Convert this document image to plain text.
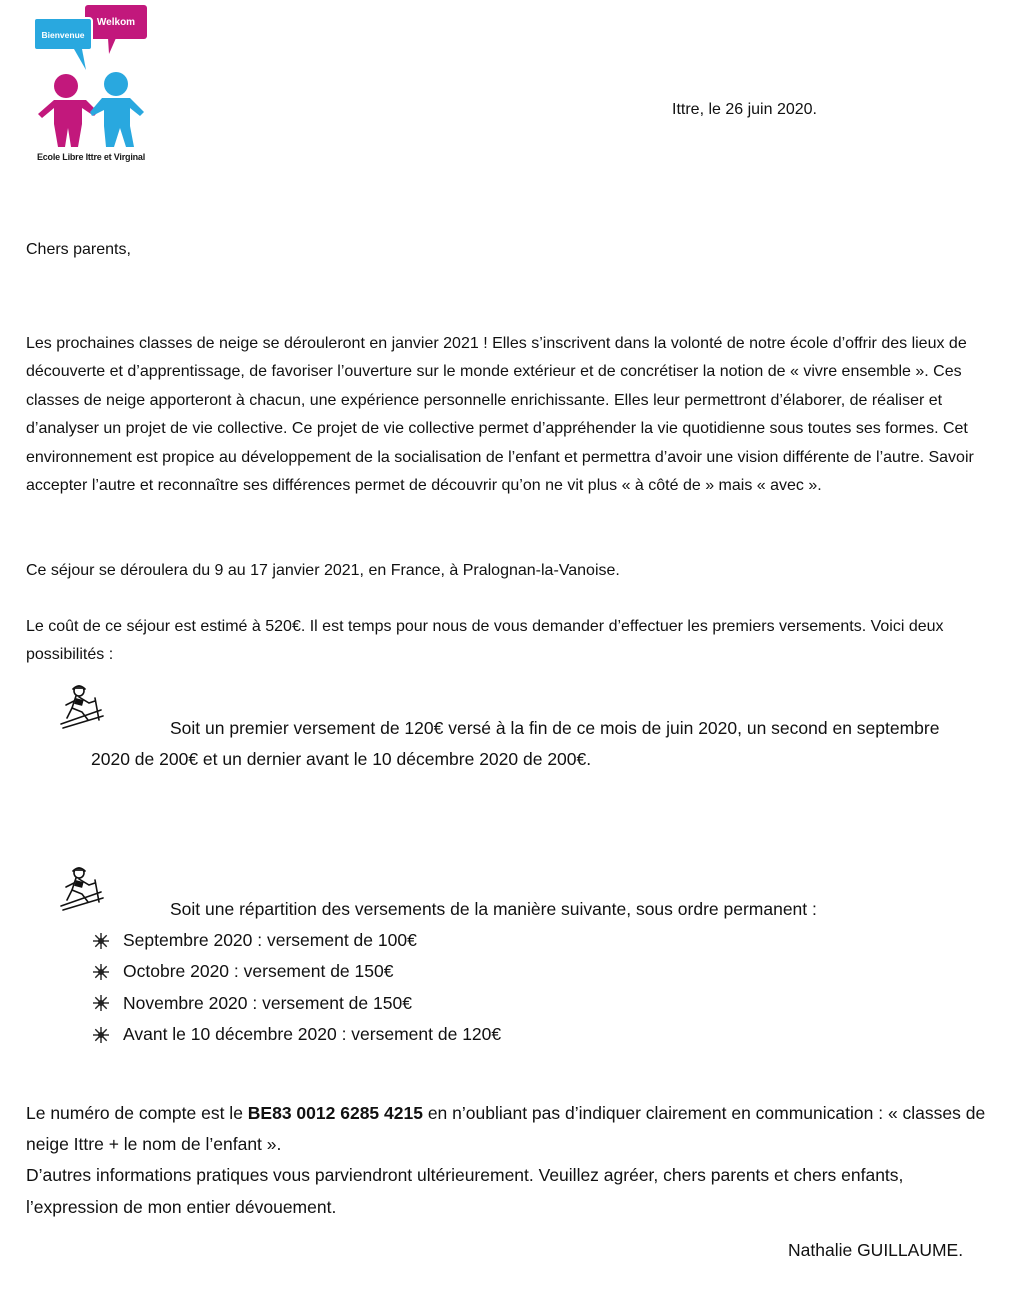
Welkom
Bienvenue
Ecole Libre Ittre et Virginal
Ittre, le 26 juin 2020.
Chers parents,

Les prochaines classes de neige se dérouleront en janvier 2021 ! Elles s’inscrivent dans la volonté de notre école d’offrir des lieux de découverte et d’apprentissage, de favoriser l’ouverture sur le monde extérieur et de concrétiser la notion de « vivre ensemble ». Ces classes de neige apporteront à chacun, une expérience personnelle enrichissante. Elles leur permettront d’élaborer, de réaliser et d’analyser un projet de vie collective. Ce projet de vie collective permet d’appréhender la vie quotidienne sous toutes ses formes. Cet environnement est propice au développement de la socialisation de l’enfant et permettra d’avoir une vision différente de l’autre. Savoir accepter l’autre et reconnaître ses différences permet de découvrir qu’on ne vit plus « à côté de » mais « avec ».

Ce séjour se déroulera du 9 au 17 janvier 2021, en France, à Pralognan-la-Vanoise.

Le coût de ce séjour est estimé à 520€. Il est temps pour nous de vous demander d’effectuer les premiers versements. Voici deux possibilités :

Soit un premier versement de 120€ versé à la fin de ce mois de juin 2020, un second en septembre 2020 de 200€ et un dernier avant le 10 décembre 2020 de 200€.

Soit une répartition des versements de la manière suivante, sous ordre permanent :
Septembre 2020 : versement de 100€
Octobre 2020 : versement de 150€
Novembre 2020 : versement de 150€
Avant le 10 décembre 2020 : versement de 120€

Le numéro de compte est le BE83 0012 6285 4215 en n’oubliant pas d’indiquer clairement en communication : « classes de neige Ittre + le nom de l’enfant ».
D’autres informations pratiques vous parviendront ultérieurement. Veuillez agréer, chers parents et chers enfants, l’expression de mon entier dévouement.

Nathalie GUILLAUME.
